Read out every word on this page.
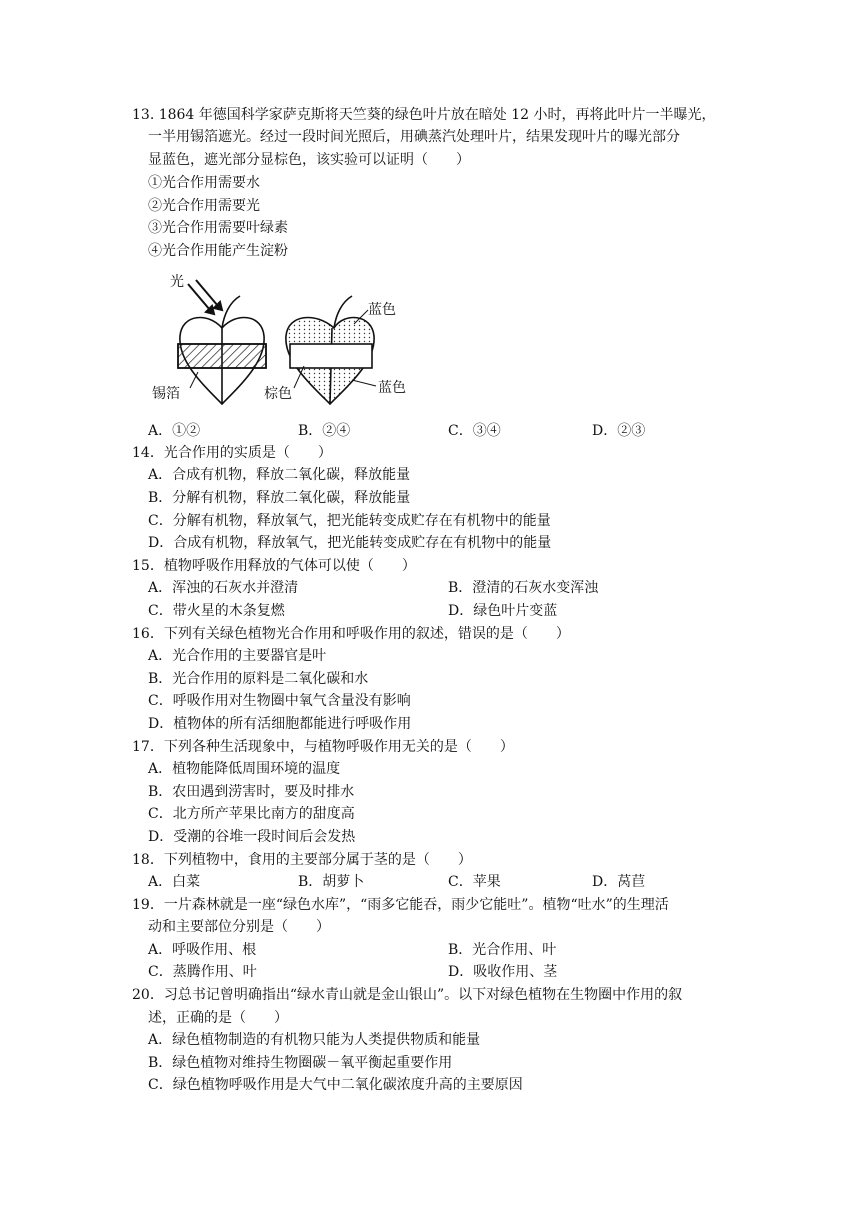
13. 1864 年德国科学家萨克斯将天竺葵的绿色叶片放在暗处 12 小时，再将此叶片一半曝光，
一半用锡箔遮光。经过一段时间光照后，用碘蒸汽处理叶片，结果发现叶片的曝光部分
显蓝色，遮光部分显棕色，该实验可以证明（　　）
①光合作用需要水
②光合作用需要光
③光合作用需要叶绿素
④光合作用能产生淀粉
光
锡箔	棕色
蓝色
蓝色
A．①②	B．②④	C．③④	D．②③
14．光合作用的实质是（　　）
A．合成有机物，释放二氧化碳，释放能量
B．分解有机物，释放二氧化碳，释放能量
C．分解有机物，释放氧气，把光能转变成贮存在有机物中的能量
D．合成有机物，释放氧气，把光能转变成贮存在有机物中的能量
15．植物呼吸作用释放的气体可以使（　　）
A．浑浊的石灰水并澄清	B．澄清的石灰水变浑浊
C．带火星的木条复燃	D．绿色叶片变蓝
16．下列有关绿色植物光合作用和呼吸作用的叙述，错误的是（　　）
A．光合作用的主要器官是叶
B．光合作用的原料是二氧化碳和水
C．呼吸作用对生物圈中氧气含量没有影响
D．植物体的所有活细胞都能进行呼吸作用
17．下列各种生活现象中，与植物呼吸作用无关的是（　　）
A．植物能降低周围环境的温度
B．农田遇到涝害时，要及时排水
C．北方所产苹果比南方的甜度高
D．受潮的谷堆一段时间后会发热
18．下列植物中，食用的主要部分属于茎的是（　　）
A．白菜	B．胡萝卜	C．苹果	D．莴苣
19．一片森林就是一座“绿色水库”，“雨多它能吞，雨少它能吐”。植物“吐水”的生理活
动和主要部位分别是（　　）
A．呼吸作用、根	B．光合作用、叶
C．蒸腾作用、叶	D．吸收作用、茎
20．习总书记曾明确指出“绿水青山就是金山银山”。以下对绿色植物在生物圈中作用的叙
述，正确的是（　　）
A．绿色植物制造的有机物只能为人类提供物质和能量
B．绿色植物对维持生物圈碳－氧平衡起重要作用
C．绿色植物呼吸作用是大气中二氧化碳浓度升高的主要原因
